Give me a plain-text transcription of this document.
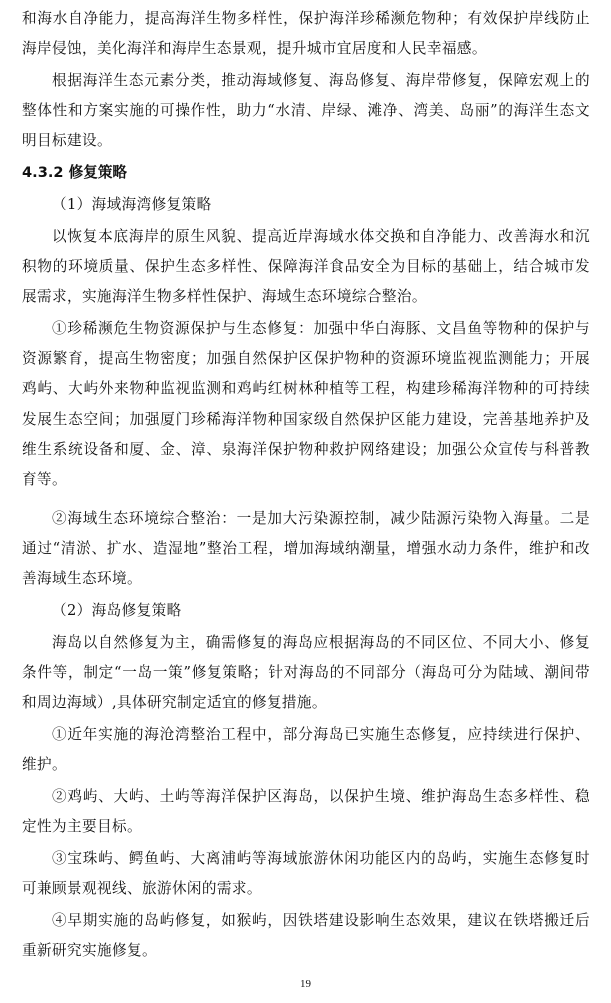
和海水自净能力，提高海洋生物多样性，保护海洋珍稀濒危物种；有效保护岸线防止海岸侵蚀，美化海洋和海岸生态景观，提升城市宜居度和人民幸福感。
根据海洋生态元素分类，推动海域修复、海岛修复、海岸带修复，保障宏观上的整体性和方案实施的可操作性，助力“水清、岸绿、滩净、湾美、岛丽”的海洋生态文明目标建设。
4.3.2 修复策略
（1）海域海湾修复策略
以恢复本底海岸的原生风貌、提高近岸海域水体交换和自净能力、改善海水和沉积物的环境质量、保护生态多样性、保障海洋食品安全为目标的基础上，结合城市发展需求，实施海洋生物多样性保护、海域生态环境综合整治。
①珍稀濒危生物资源保护与生态修复：加强中华白海豚、文昌鱼等物种的保护与资源繁育，提高生物密度；加强自然保护区保护物种的资源环境监视监测能力；开展鸡屿、大屿外来物种监视监测和鸡屿红树林种植等工程，构建珍稀海洋物种的可持续发展生态空间；加强厦门珍稀海洋物种国家级自然保护区能力建设，完善基地养护及维生系统设备和厦、金、漳、泉海洋保护物种救护网络建设；加强公众宣传与科普教育等。
②海域生态环境综合整治：一是加大污染源控制，减少陆源污染物入海量。二是通过“清淤、扩水、造湿地”整治工程，增加海域纳潮量，增强水动力条件，维护和改善海域生态环境。
（2）海岛修复策略
海岛以自然修复为主，确需修复的海岛应根据海岛的不同区位、不同大小、修复条件等，制定“一岛一策”修复策略；针对海岛的不同部分（海岛可分为陆域、潮间带和周边海域）,具体研究制定适宜的修复措施。
①近年实施的海沧湾整治工程中，部分海岛已实施生态修复，应持续进行保护、维护。
②鸡屿、大屿、土屿等海洋保护区海岛，以保护生境、维护海岛生态多样性、稳定性为主要目标。
③宝珠屿、鳄鱼屿、大离浦屿等海域旅游休闲功能区内的岛屿，实施生态修复时可兼顾景观视线、旅游休闲的需求。
④早期实施的岛屿修复，如猴屿，因铁塔建设影响生态效果，建议在铁塔搬迁后重新研究实施修复。
19
